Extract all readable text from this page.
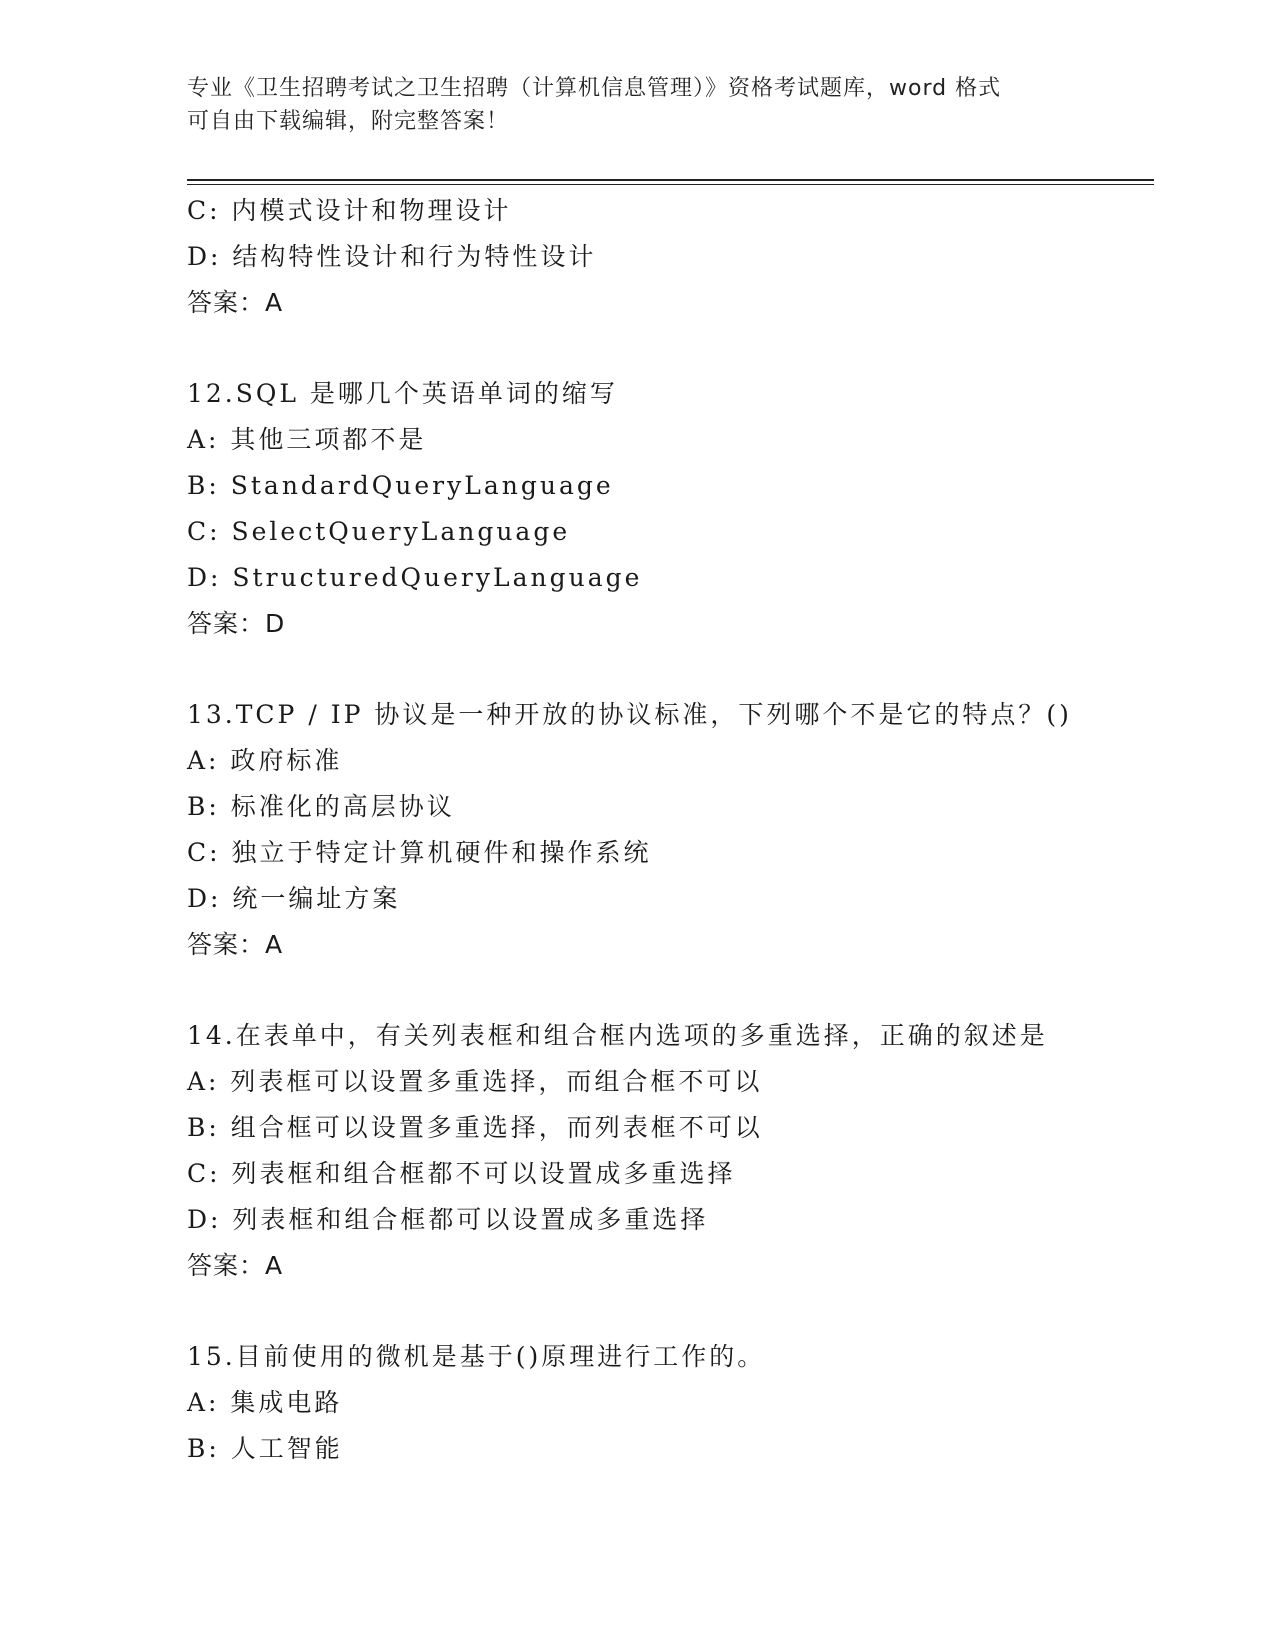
专业《卫生招聘考试之卫生招聘（计算机信息管理）》资格考试题库，word 格式
可自由下载编辑，附完整答案！
C: 内模式设计和物理设计
D: 结构特性设计和行为特性设计
答案：A
12.SQL 是哪几个英语单词的缩写
A: 其他三项都不是
B: StandardQueryLanguage
C: SelectQueryLanguage
D: StructuredQueryLanguage
答案：D
13.TCP / IP 协议是一种开放的协议标准，下列哪个不是它的特点？()
A: 政府标准
B: 标准化的高层协议
C: 独立于特定计算机硬件和操作系统
D: 统一编址方案
答案：A
14.在表单中，有关列表框和组合框内选项的多重选择，正确的叙述是
A: 列表框可以设置多重选择，而组合框不可以
B: 组合框可以设置多重选择，而列表框不可以
C: 列表框和组合框都不可以设置成多重选择
D: 列表框和组合框都可以设置成多重选择
答案：A
15.目前使用的微机是基于()原理进行工作的。
A: 集成电路
B: 人工智能
